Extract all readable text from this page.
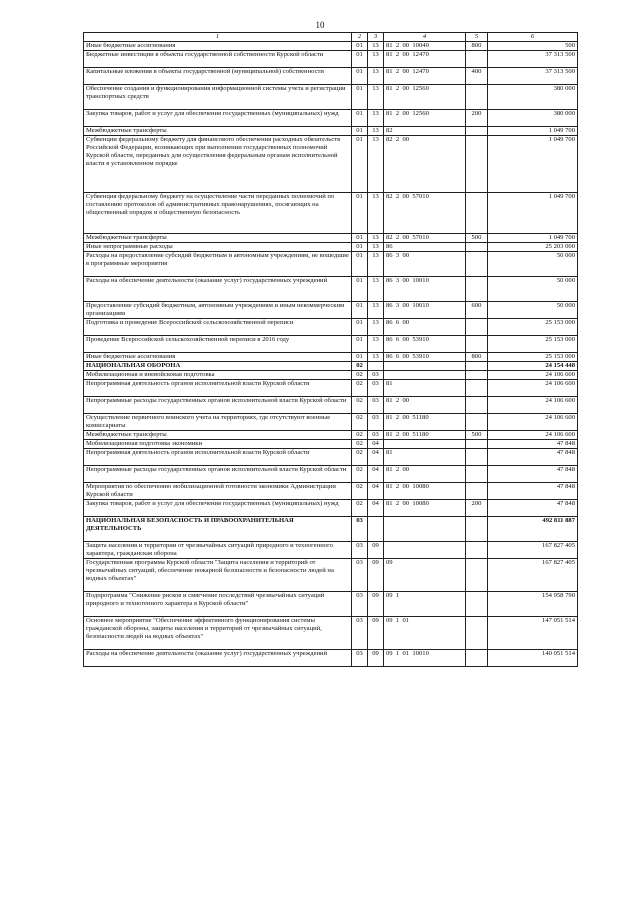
10
1	2	3	4	5	6
Иные бюджетные ассигнования	01	13	81  2  00  10040	800	500
Бюджетные инвестиции в объекты государственной собственности Курской области	01	13	81  2  00  12470		37 313 500
Капитальные вложения в объекты государственной (муниципальной) собственности	01	13	81  2  00  12470	400	37 313 500
Обеспечение создания и функционирования информационной системы учета и регистрации транспортных средств	01	13	81  2  00  12560		380 000
Закупка товаров, работ и услуг для обеспечения государственных (муниципальных) нужд	01	13	81  2  00  12560	200	380 000
Межбюджетные трансферты	01	13	82		1 049 700
Субвенции федеральному бюджету для финансового обеспечения расходных обязательств Российской Федерации, возникающих при выполнении государственных полномочий Курской области, переданных для осуществления федеральным органам исполнительной власти в установленном порядке	01	13	82  2  00		1 049 700
Субвенция федеральному бюджету на осуществление части переданных полномочий по составлению протоколов об административных правонарушениях, посягающих на общественный порядок и общественную безопасность	01	13	82  2  00  57010		1 049 700
Межбюджетные трансферты	01	13	82  2  00  57010	500	1 049 700
Иные непрограммные расходы	01	13	86		25 203 000
Расходы на предоставление субсидий бюджетным и автономным учреждениям, не вошедшие в программные мероприятия	01	13	86  3  00		50 000
Расходы на обеспечение деятельности (оказание услуг) государственных учреждений	01	13	86  3  00  10010		50 000
Предоставление субсидий бюджетным, автономным учреждениям и иным некоммерческим организациям	01	13	86  3  00  10010	600	50 000
Подготовка и проведение Всероссийской сельскохозяйственной переписи	01	13	86  6  00		25 153 000
Проведение Всероссийской сельскохозяйственной переписи в 2016 году	01	13	86  6  00  53910		25 153 000
Иные бюджетные ассигнования	01	13	86  6  00  53910	800	25 153 000
НАЦИОНАЛЬНАЯ ОБОРОНА	02				24 154 448
Мобилизационная и вневойсковая подготовка	02	03			24 106 600
Непрограммная деятельность органов исполнительной власти Курской области	02	03	81		24 106 600
Непрограммные расходы государственных органов исполнительной власти Курской области	02	03	81  2  00		24 106 600
Осуществление первичного воинского учета на территориях, где отсутствуют военные комиссариаты	02	03	81  2  00  51180		24 106 600
Межбюджетные трансферты	02	03	81  2  00  51180	500	24 106 600
Мобилизационная подготовка экономики	02	04			47 848
Непрограммная деятельность органов исполнительной власти Курской области	02	04	81		47 848
Непрограммные расходы государственных органов исполнительной власти Курской области	02	04	81  2  00		47 848
Мероприятия по обеспечению мобилизационной готовности экономики Администрации Курской области	02	04	81  2  00  10080		47 848
Закупка товаров, работ и услуг для обеспечения государственных (муниципальных) нужд	02	04	81  2  00  10080	200	47 848
НАЦИОНАЛЬНАЯ БЕЗОПАСНОСТЬ И ПРАВООХРАНИТЕЛЬНАЯ ДЕЯТЕЛЬНОСТЬ	03				492 811 887
Защита населения и территории от чрезвычайных ситуаций природного и техногенного характера, гражданская оборона	03	09			167 827 405
Государственная программа Курской области "Защита населения и территорий от чрезвычайных ситуаций, обеспечение пожарной безопасности и безопасности людей на водных объектах"	03	09	09		167 827 405
Подпрограмма "Снижение рисков и смягчение последствий чрезвычайных ситуаций природного и техногенного характера в Курской области"	03	09	09  1		154 958 790
Основное мероприятие "Обеспечение эффективного функционирования системы гражданской обороны, защиты населения и территорий от чрезвычайных ситуаций, безопасности людей на водных объектах"	03	09	09  1  01		147 051 514
Расходы на обеспечение деятельности (оказание услуг) государственных учреждений	03	09	09  1  01  10010		140 051 514
